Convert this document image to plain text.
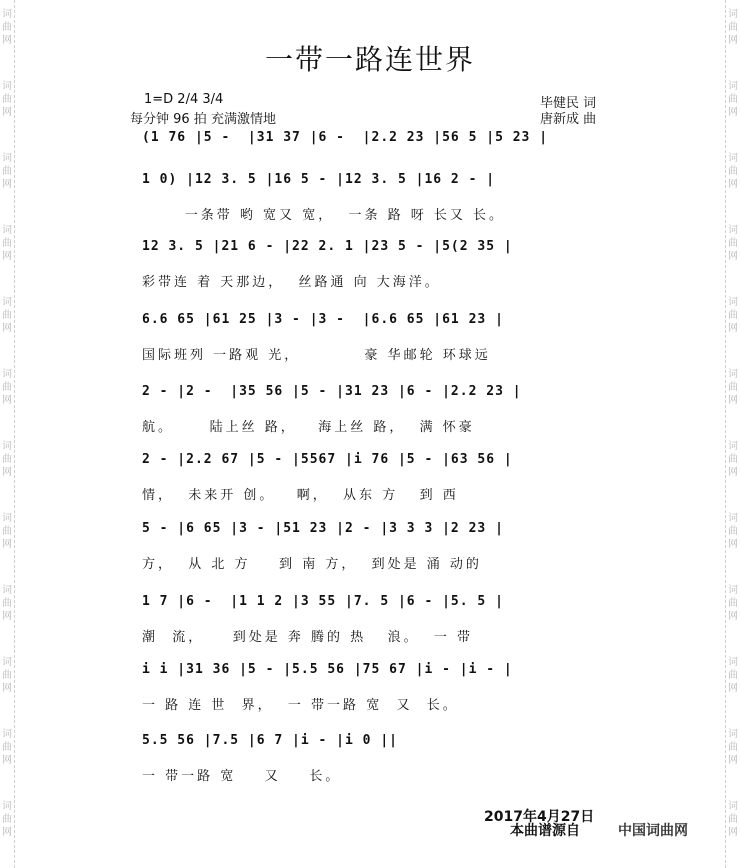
词曲网
词曲网
词曲网
词曲网
词曲网
词曲网
词曲网
词曲网
词曲网
词曲网
词曲网
词曲网
词曲网
词曲网
词曲网
词曲网
词曲网
词曲网
词曲网
词曲网
词曲网
词曲网
词曲网
词曲网
一带一路连世界
1=D 2/4 3/4
每分钟 96 拍 充满激情地
毕健民 词
唐新成 曲
(1 76 |5 -  |31 37 |6 -  |2.2 23 |56 5 |5 23 |
1 0) |12 3. 5 |16 5 - |12 3. 5 |16 2 - |
一条带 哟 宽又 宽，  一条 路 呀 长又 长。
12 3. 5 |21 6 - |22 2. 1 |23 5 - |5(2 35 |
彩带连 着 天那边，  丝路通 向 大海洋。
6.6 65 |61 25 |3 - |3 -  |6.6 65 |61 23 |
国际班列 一路观 光，         豪 华邮轮 环球远
2 - |2 -  |35 56 |5 - |31 23 |6 - |2.2 23 |
航。     陆上丝 路，   海上丝 路，  满 怀豪
2 - |2.2 67 |5 - |5567 |i 76 |5 - |63 56 |
情，  未来开 创。   啊，  从东 方   到 西
5 - |6 65 |3 - |51 23 |2 - |3 3 3 |2 23 |
方，  从 北 方    到 南 方，  到处是 涌 动的
1 7 |6 -  |1 1 2 |3 55 |7. 5 |6 - |5. 5 |
潮  流，    到处是 奔 腾的 热   浪。  一 带
i i |31 36 |5 - |5.5 56 |75 67 |i - |i - |
一 路 连 世  界，  一 带一路 宽  又  长。
5.5 56 |7.5 |6 7 |i - |i 0 ||
一 带一路 宽    又    长。
2017年4月27日
本曲谱源自	中国词曲网
